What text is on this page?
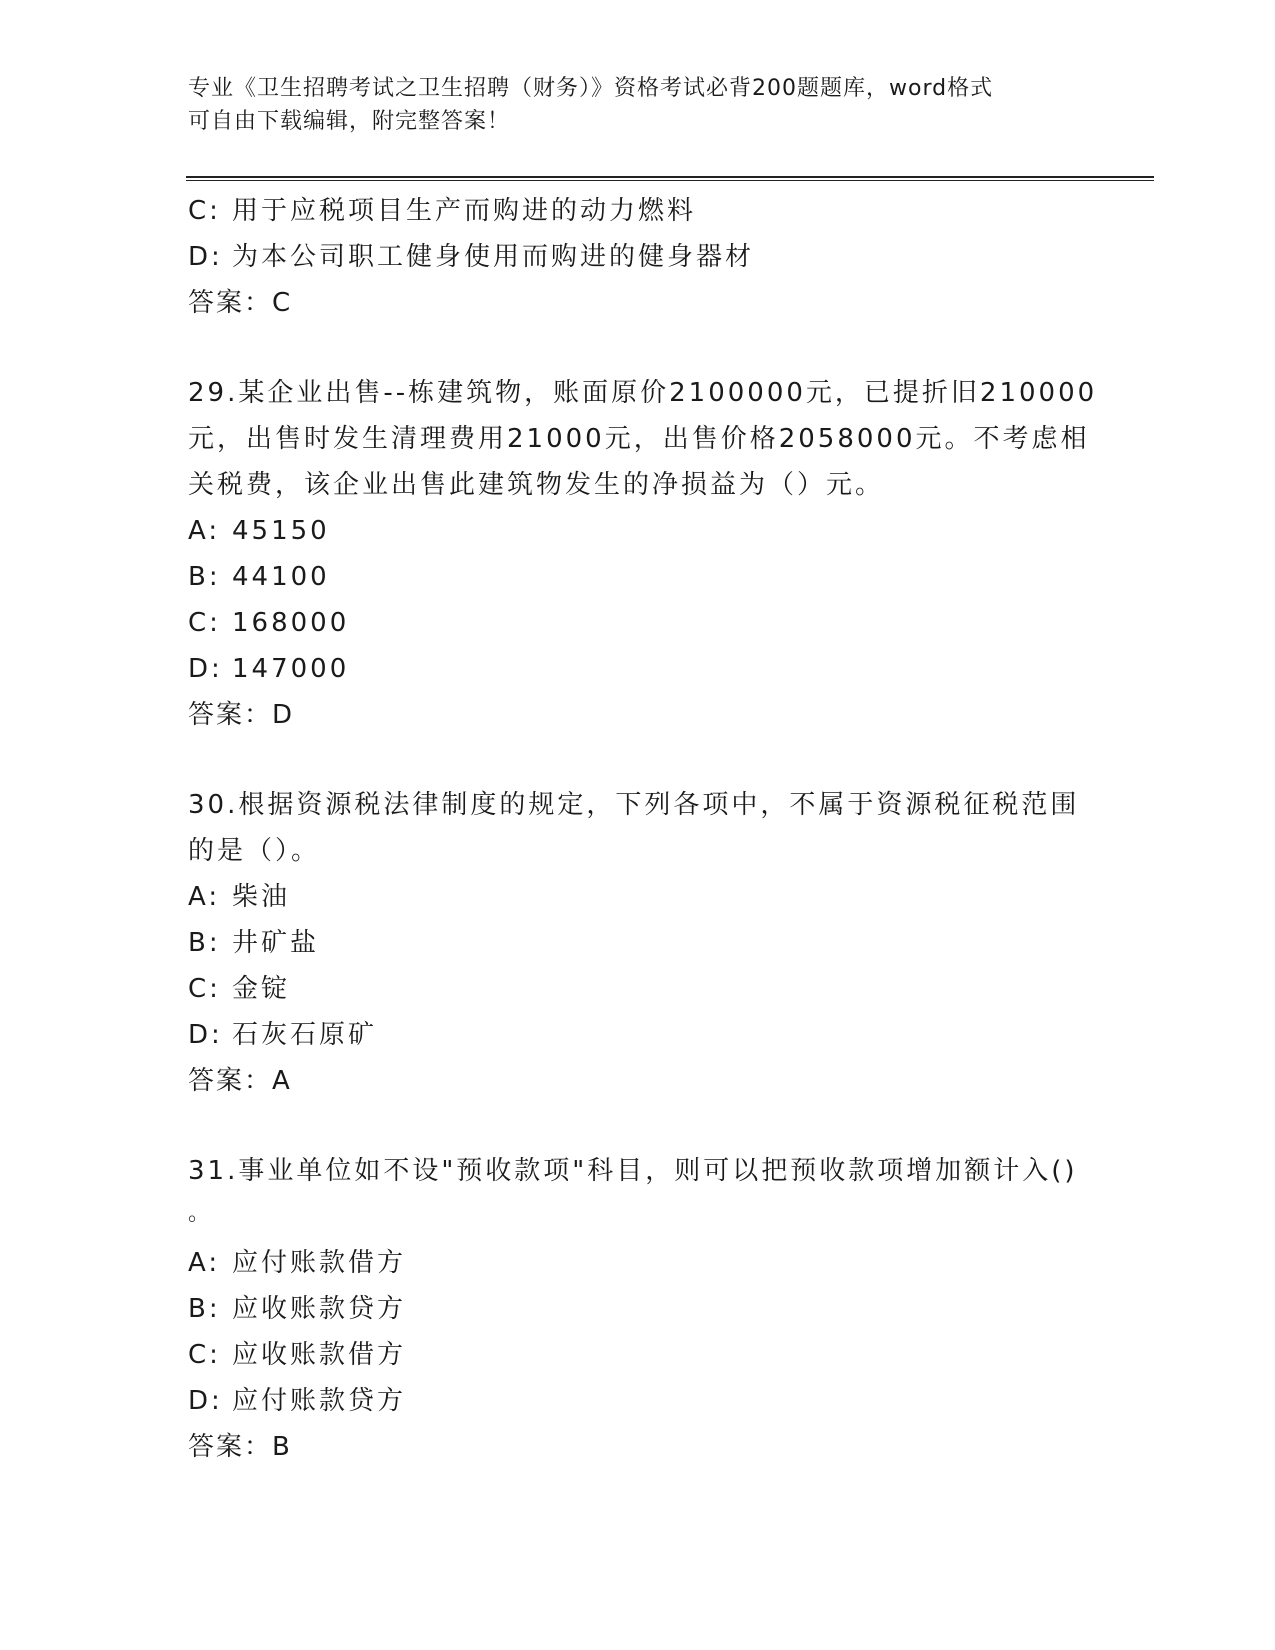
专业《卫生招聘考试之卫生招聘（财务）》资格考试必背200题题库，word格式
可自由下载编辑，附完整答案！
C: 用于应税项目生产而购进的动力燃料
D: 为本公司职工健身使用而购进的健身器材
答案：C
29.某企业出售--栋建筑物，账面原价2100000元，已提折旧210000
元，出售时发生清理费用21000元，出售价格2058000元。不考虑相
关税费，该企业出售此建筑物发生的净损益为（）元。
A: 45150
B: 44100
C: 168000
D: 147000
答案：D
30.根据资源税法律制度的规定，下列各项中，不属于资源税征税范围
的是（）。
A: 柴油
B: 井矿盐
C: 金锭
D: 石灰石原矿
答案：A
31.事业单位如不设"预收款项"科目，则可以把预收款项增加额计入()
。
A: 应付账款借方
B: 应收账款贷方
C: 应收账款借方
D: 应付账款贷方
答案：B
